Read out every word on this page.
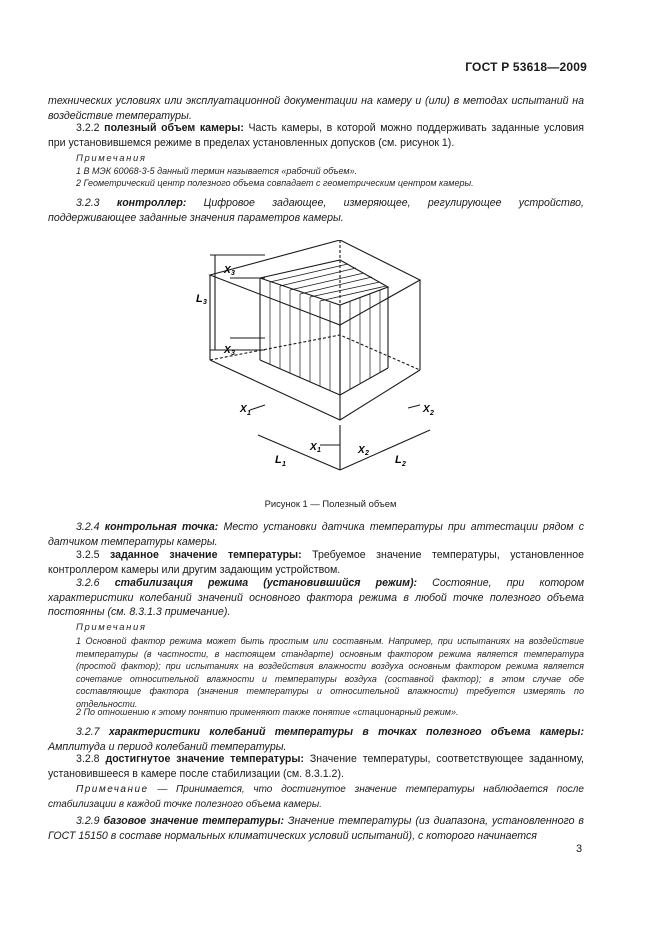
ГОСТ Р 53618—2009
технических условиях или эксплуатационной документации на камеру и (или) в методах испытаний на воздействие температуры.
3.2.2 полезный объем камеры: Часть камеры, в которой можно поддерживать заданные условия при установившемся режиме в пределах установленных допусков (см. рисунок 1).
Примечания
1 В МЭК 60068-3-5 данный термин называется «рабочий объем».
2 Геометрический центр полезного объема совпадает с геометрическим центром камеры.
3.2.3 контроллер: Цифровое задающее, измеряющее, регулирующее устройство, поддерживающее заданные значения параметров камеры.
X 3
L 3
X 3
X 1	X 2
X 1	X 2
L 1	L 2
Рисунок 1 — Полезный объем
3.2.4 контрольная точка: Место установки датчика температуры при аттестации рядом с датчиком температуры камеры.
3.2.5 заданное значение температуры: Требуемое значение температуры, установленное контроллером камеры или другим задающим устройством.
3.2.6 стабилизация режима (установившийся режим): Состояние, при котором характеристики колебаний значений основного фактора режима в любой точке полезного объема постоянны (см. 8.3.1.3 примечание).
Примечания
1 Основной фактор режима может быть простым или составным. Например, при испытаниях на воздействие температуры (в частности, в настоящем стандарте) основным фактором режима является температура (простой фактор); при испытаниях на воздействия влажности воздуха основным фактором режима является сочетание относительной влажности и температуры воздуха (составной фактор); в этом случае обе составляющие фактора (значения температуры и относительной влажности) требуется измерять по отдельности.
2 По отношению к этому понятию применяют также понятие «стационарный режим».
3.2.7 характеристики колебаний температуры в точках полезного объема камеры: Амплитуда и период колебаний температуры.
3.2.8 достигнутое значение температуры: Значение температуры, соответствующее заданному, установившееся в камере после стабилизации (см. 8.3.1.2).
Примечание — Принимается, что достигнутое значение температуры наблюдается после стабилизации в каждой точке полезного объема камеры.
3.2.9 базовое значение температуры: Значение температуры (из диапазона, установленного в ГОСТ 15150 в составе нормальных климатических условий испытаний), с которого начинается
3
